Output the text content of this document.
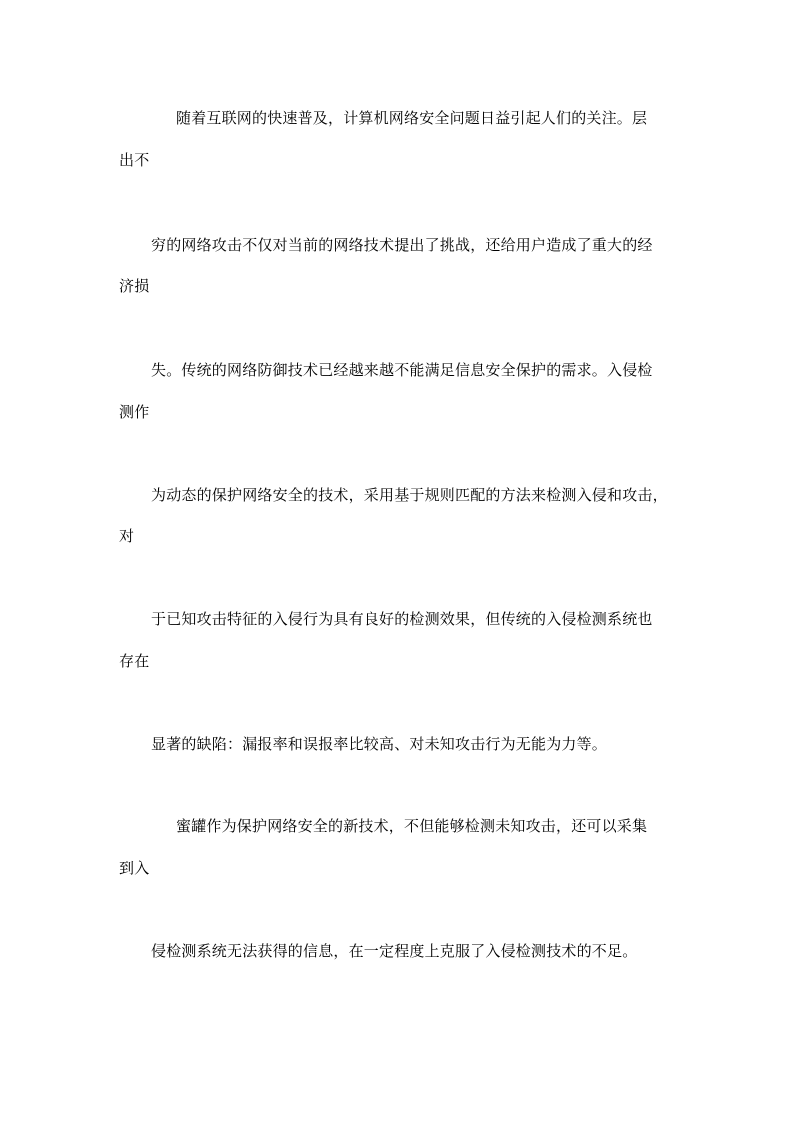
随着互联网的快速普及，计算机网络安全问题日益引起人们的关注。层
出不
穷的网络攻击不仅对当前的网络技术提出了挑战，还给用户造成了重大的经
济损
失。传统的网络防御技术已经越来越不能满足信息安全保护的需求。入侵检
测作
为动态的保护网络安全的技术，采用基于规则匹配的方法来检测入侵和攻击，
对
于已知攻击特征的入侵行为具有良好的检测效果，但传统的入侵检测系统也
存在
显著的缺陷：漏报率和误报率比较高、对未知攻击行为无能为力等。
蜜罐作为保护网络安全的新技术，不但能够检测未知攻击，还可以采集
到入
侵检测系统无法获得的信息，在一定程度上克服了入侵检测技术的不足。
